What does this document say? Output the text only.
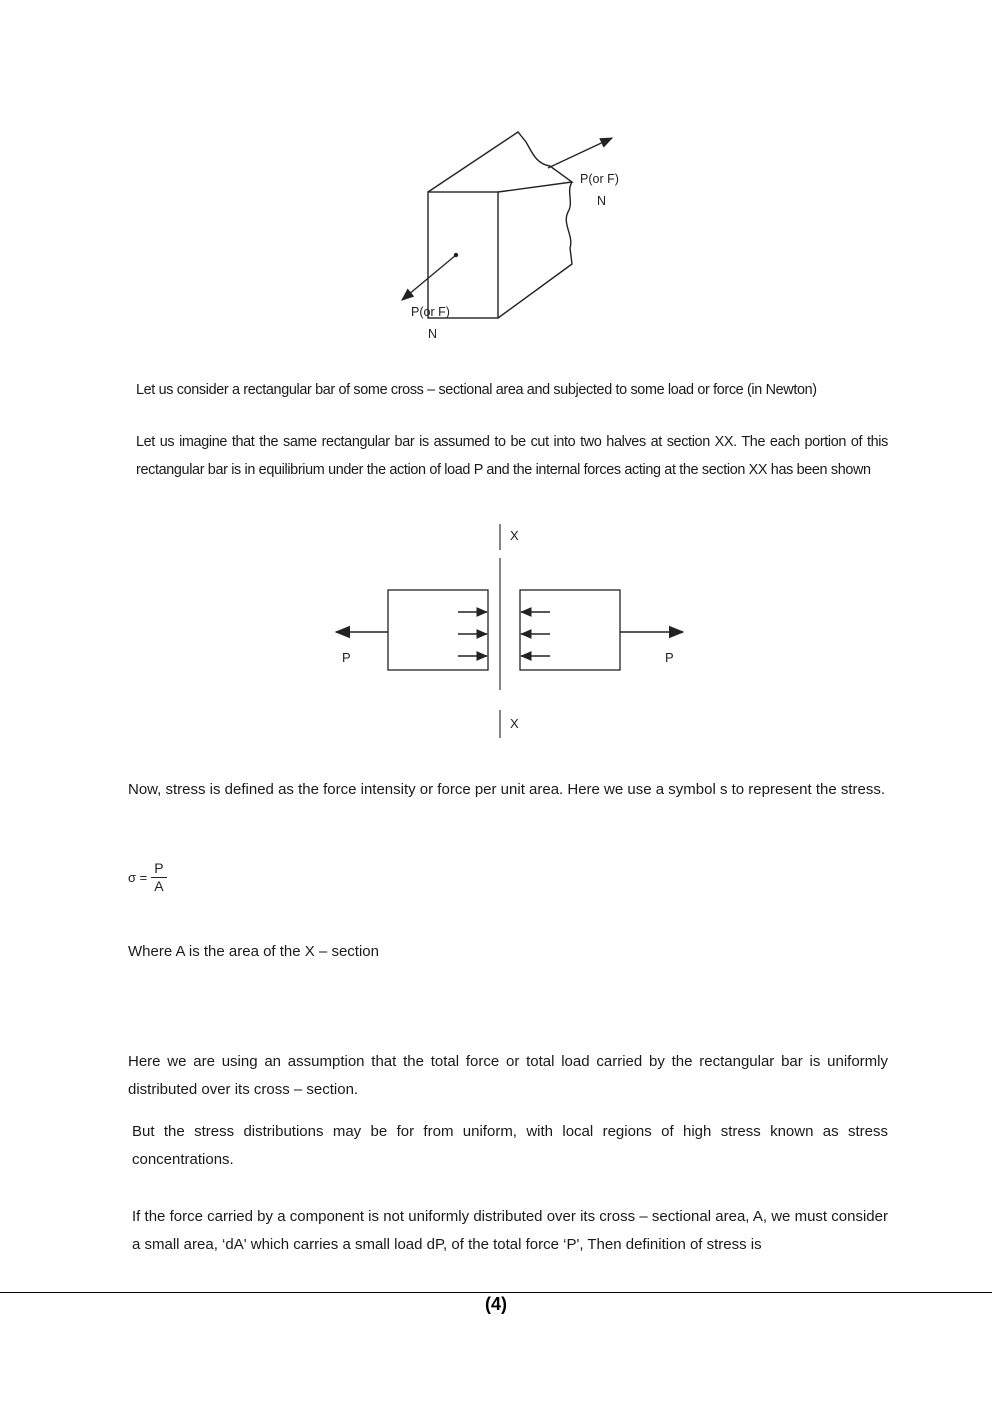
P(or F)
N
P(or F)
N

Let us consider a rectangular bar of some cross – sectional area and subjected to some load or force (in Newton)

Let us imagine that the same rectangular bar is assumed to be cut into two halves at section XX. The each portion of this rectangular bar is in equilibrium under the action of load P and the internal forces acting at the section XX has been shown

X
X
P	P

Now, stress is defined as the force intensity or force per unit area. Here we use a symbol s to represent the stress.

$\sigma = \frac{P}{A}$

Where A is the area of the X – section

Here we are using an assumption that the total force or total load carried by the rectangular bar is uniformly distributed over its cross – section.

But the stress distributions may be for from uniform, with local regions of high stress known as stress concentrations.

If the force carried by a component is not uniformly distributed over its cross – sectional area, A, we must consider a small area, ‘dA' which carries a small load dP, of the total force ‘P', Then definition of stress is

(4)
